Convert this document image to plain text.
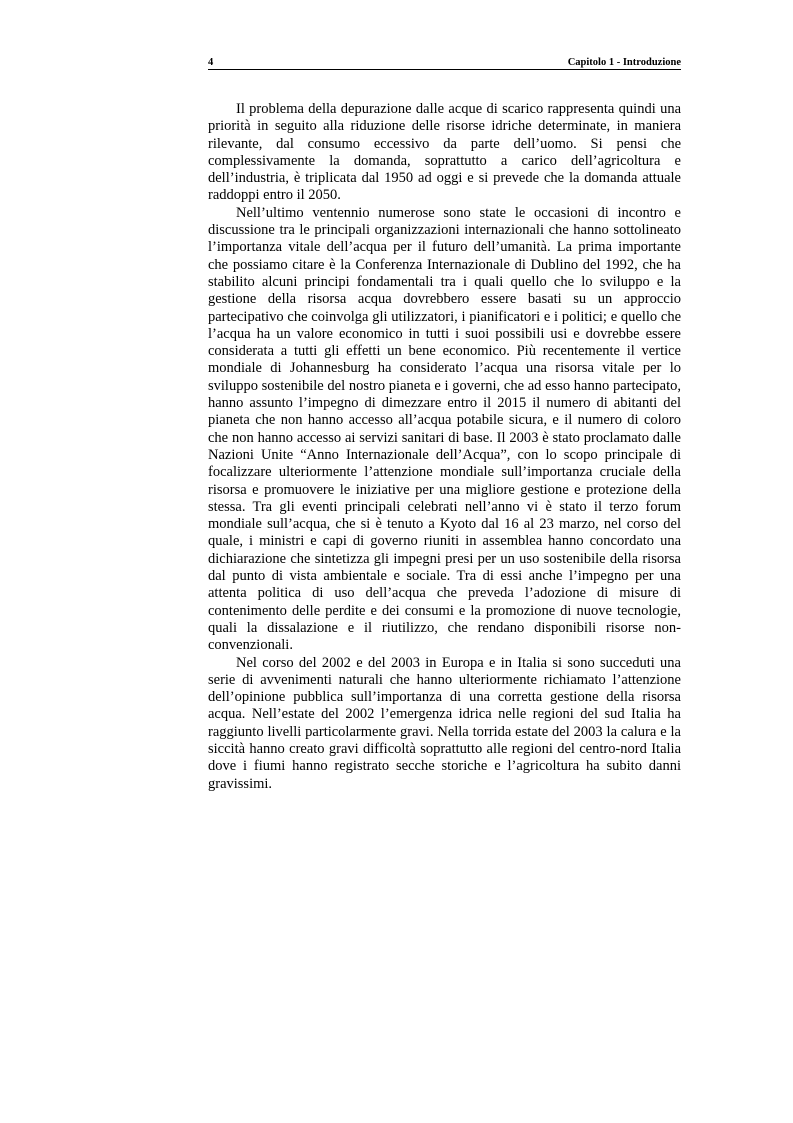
4	Capitolo 1 - Introduzione

Il problema della depurazione dalle acque di scarico rappresenta quindi una priorità in seguito alla riduzione delle risorse idriche determinate, in maniera rilevante, dal consumo eccessivo da parte dell’uomo. Si pensi che complessivamente la domanda, soprattutto a carico dell’agricoltura e dell’industria, è triplicata dal 1950 ad oggi e si prevede che la domanda attuale raddoppi entro il 2050.

Nell’ultimo ventennio numerose sono state le occasioni di incontro e discussione tra le principali organizzazioni internazionali che hanno sottolineato l’importanza vitale dell’acqua per il futuro dell’umanità. La prima importante che possiamo citare è la Conferenza Internazionale di Dublino del 1992, che ha stabilito alcuni principi fondamentali tra i quali quello che lo sviluppo e la gestione della risorsa acqua dovrebbero essere basati su un approccio partecipativo che coinvolga gli utilizzatori, i pianificatori e i politici; e quello che l’acqua ha un valore economico in tutti i suoi possibili usi e dovrebbe essere considerata a tutti gli effetti un bene economico. Più recentemente il vertice mondiale di Johannesburg ha considerato l’acqua una risorsa vitale per lo sviluppo sostenibile del nostro pianeta e i governi, che ad esso hanno partecipato, hanno assunto l’impegno di dimezzare entro il 2015 il numero di abitanti del pianeta che non hanno accesso all’acqua potabile sicura, e il numero di coloro che non hanno accesso ai servizi sanitari di base. Il 2003 è stato proclamato dalle Nazioni Unite “Anno Internazionale dell’Acqua”, con lo scopo principale di focalizzare ulteriormente l’attenzione mondiale sull’importanza cruciale della risorsa e promuovere le iniziative per una migliore gestione e protezione della stessa. Tra gli eventi principali celebrati nell’anno vi è stato il terzo forum mondiale sull’acqua, che si è tenuto a Kyoto dal 16 al 23 marzo, nel corso del quale, i ministri e capi di governo riuniti in assemblea hanno concordato una dichiarazione che sintetizza gli impegni presi per un uso sostenibile della risorsa dal punto di vista ambientale e sociale. Tra di essi anche l’impegno per una attenta politica di uso dell’acqua che preveda l’adozione di misure di contenimento delle perdite e dei consumi e la promozione di nuove tecnologie, quali la dissalazione e il riutilizzo, che rendano disponibili risorse non-convenzionali.

Nel corso del 2002 e del 2003 in Europa e in Italia si sono succeduti una serie di avvenimenti naturali che hanno ulteriormente richiamato l’attenzione dell’opinione pubblica sull’importanza di una corretta gestione della risorsa acqua. Nell’estate del 2002 l’emergenza idrica nelle regioni del sud Italia ha raggiunto livelli particolarmente gravi. Nella torrida estate del 2003 la calura e la siccità hanno creato gravi difficoltà soprattutto alle regioni del centro-nord Italia dove i fiumi hanno registrato secche storiche e l’agricoltura ha subito danni gravissimi.
